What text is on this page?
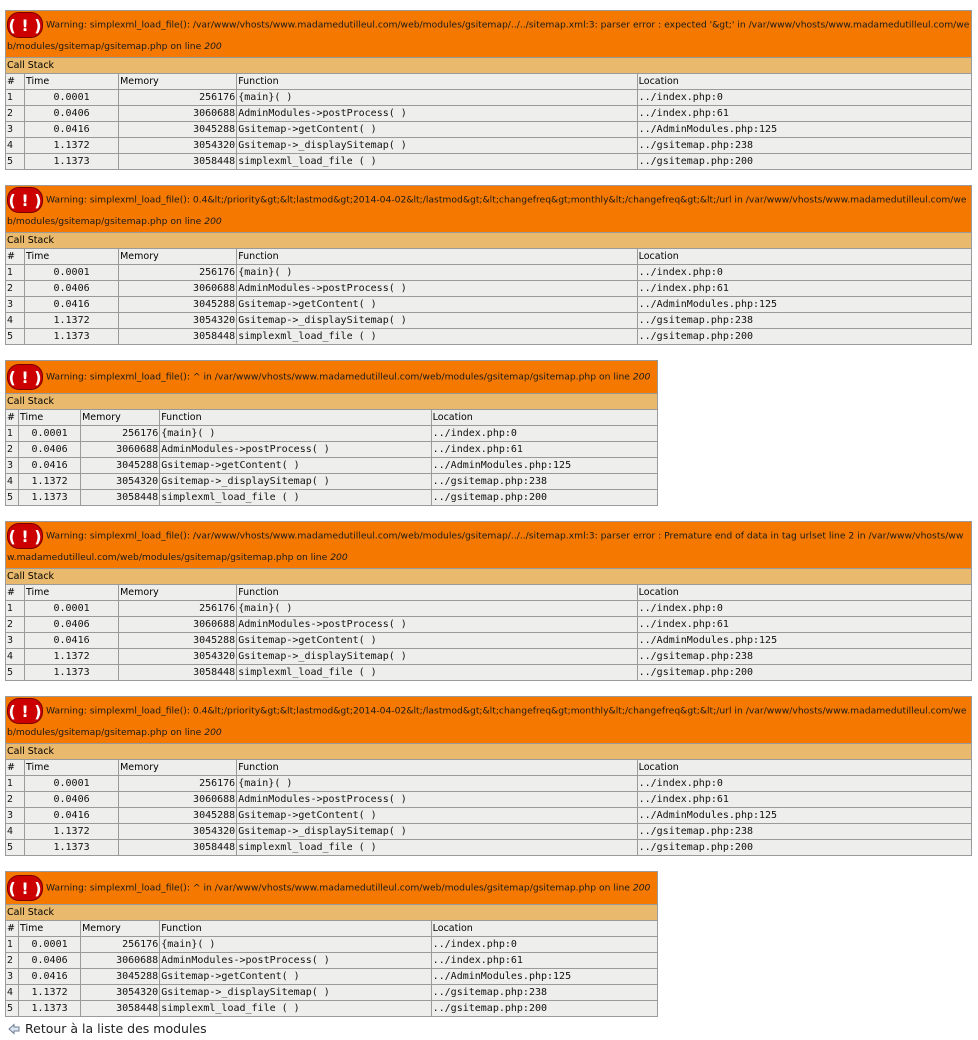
( ! ) Warning: simplexml_load_file(): /var/www/vhosts/www.madamedutilleul.com/web/modules/gsitemap/../../sitemap.xml:3: parser error : expected '&gt;' in /var/www/vhosts/www.madamedutilleul.com/web/modules/gsitemap/gsitemap.php on line 200				
Call Stack				
#	Time	Memory	Function	Location
1	0.0001	256176	{main}( )	../index.php:0
2	0.0406	3060688	AdminModules->postProcess( )	../index.php:61
3	0.0416	3045288	Gsitemap->getContent( )	../AdminModules.php:125
4	1.1372	3054320	Gsitemap->_displaySitemap( )	../gsitemap.php:238
5	1.1373	3058448	simplexml_load_file ( )	../gsitemap.php:200
( ! ) Warning: simplexml_load_file(): 0.4&lt;/priority&gt;&lt;lastmod&gt;2014-04-02&lt;/lastmod&gt;&lt;changefreq&gt;monthly&lt;/changefreq&gt;&lt;/url in /var/www/vhosts/www.madamedutilleul.com/web/modules/gsitemap/gsitemap.php on line 200				
Call Stack				
#	Time	Memory	Function	Location
1	0.0001	256176	{main}( )	../index.php:0
2	0.0406	3060688	AdminModules->postProcess( )	../index.php:61
3	0.0416	3045288	Gsitemap->getContent( )	../AdminModules.php:125
4	1.1372	3054320	Gsitemap->_displaySitemap( )	../gsitemap.php:238
5	1.1373	3058448	simplexml_load_file ( )	../gsitemap.php:200
( ! ) Warning: simplexml_load_file(): ^ in /var/www/vhosts/www.madamedutilleul.com/web/modules/gsitemap/gsitemap.php on line 200				
Call Stack				
#	Time	Memory	Function	Location
1	0.0001	256176	{main}( )	../index.php:0
2	0.0406	3060688	AdminModules->postProcess( )	../index.php:61
3	0.0416	3045288	Gsitemap->getContent( )	../AdminModules.php:125
4	1.1372	3054320	Gsitemap->_displaySitemap( )	../gsitemap.php:238
5	1.1373	3058448	simplexml_load_file ( )	../gsitemap.php:200
( ! ) Warning: simplexml_load_file(): /var/www/vhosts/www.madamedutilleul.com/web/modules/gsitemap/../../sitemap.xml:3: parser error : Premature end of data in tag urlset line 2 in /var/www/vhosts/www.madamedutilleul.com/web/modules/gsitemap/gsitemap.php on line 200				
Call Stack				
#	Time	Memory	Function	Location
1	0.0001	256176	{main}( )	../index.php:0
2	0.0406	3060688	AdminModules->postProcess( )	../index.php:61
3	0.0416	3045288	Gsitemap->getContent( )	../AdminModules.php:125
4	1.1372	3054320	Gsitemap->_displaySitemap( )	../gsitemap.php:238
5	1.1373	3058448	simplexml_load_file ( )	../gsitemap.php:200
( ! ) Warning: simplexml_load_file(): 0.4&lt;/priority&gt;&lt;lastmod&gt;2014-04-02&lt;/lastmod&gt;&lt;changefreq&gt;monthly&lt;/changefreq&gt;&lt;/url in /var/www/vhosts/www.madamedutilleul.com/web/modules/gsitemap/gsitemap.php on line 200				
Call Stack				
#	Time	Memory	Function	Location
1	0.0001	256176	{main}( )	../index.php:0
2	0.0406	3060688	AdminModules->postProcess( )	../index.php:61
3	0.0416	3045288	Gsitemap->getContent( )	../AdminModules.php:125
4	1.1372	3054320	Gsitemap->_displaySitemap( )	../gsitemap.php:238
5	1.1373	3058448	simplexml_load_file ( )	../gsitemap.php:200
( ! ) Warning: simplexml_load_file(): ^ in /var/www/vhosts/www.madamedutilleul.com/web/modules/gsitemap/gsitemap.php on line 200				
Call Stack				
#	Time	Memory	Function	Location
1	0.0001	256176	{main}( )	../index.php:0
2	0.0406	3060688	AdminModules->postProcess( )	../index.php:61
3	0.0416	3045288	Gsitemap->getContent( )	../AdminModules.php:125
4	1.1372	3054320	Gsitemap->_displaySitemap( )	../gsitemap.php:238
5	1.1373	3058448	simplexml_load_file ( )	../gsitemap.php:200
Retour à la liste des modules
